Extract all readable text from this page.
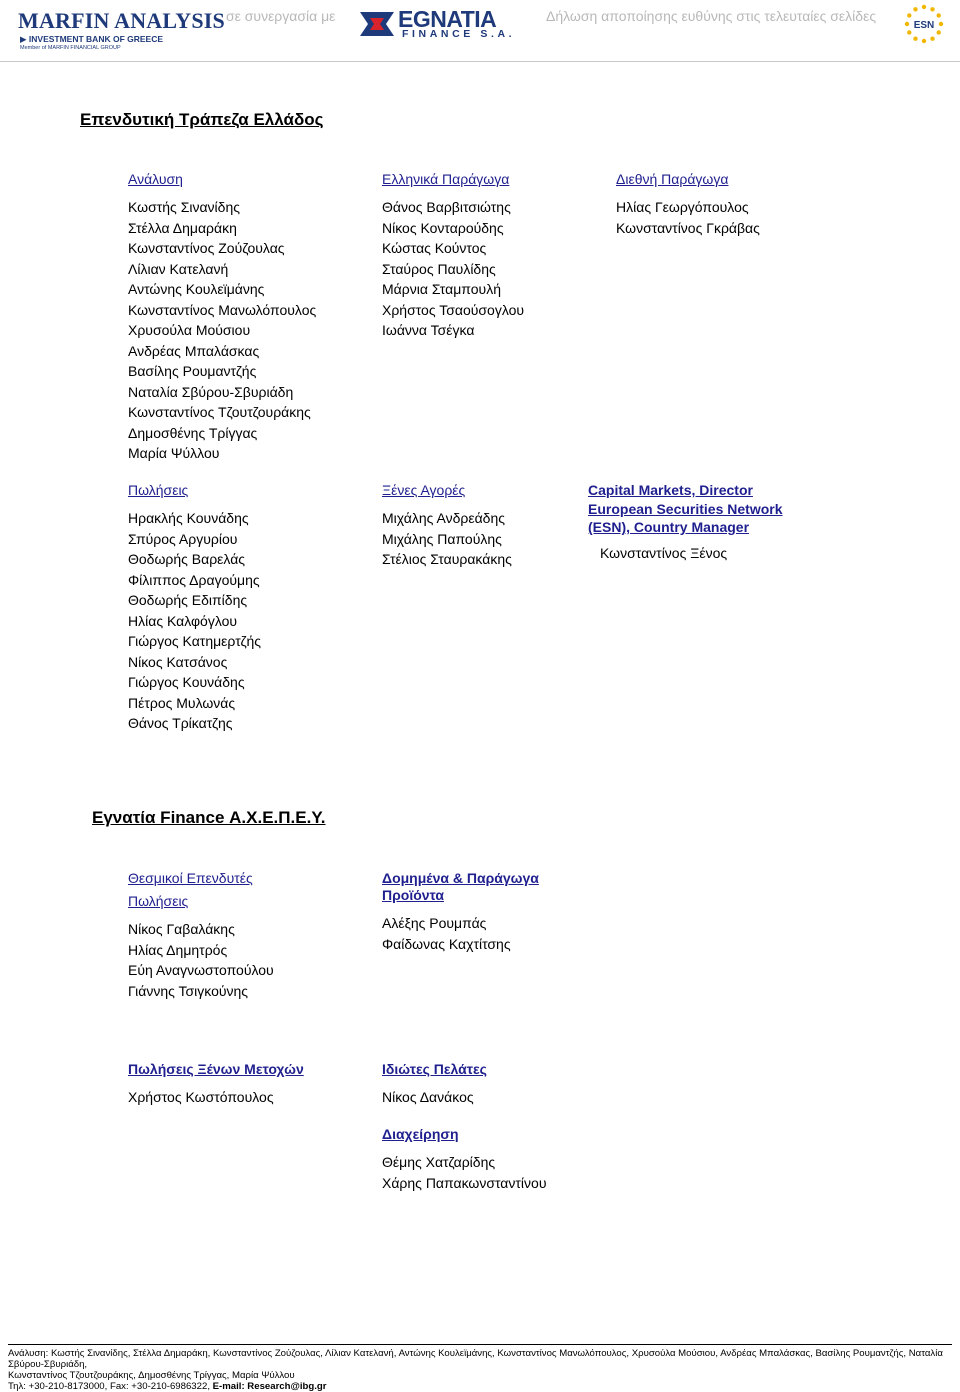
MARFIN ANALYSIS
▶ INVESTMENT BANK OF GREECE
Member of MARFIN FINANCIAL GROUP
σε συνεργασία με	EGNATIA
FINANCE S.A.
Δήλωση αποποίησης ευθύνης στις τελευταίες σελίδες
ESN
Επενδυτική Τράπεζα Ελλάδος
Ανάλυση
Κωστής Σινανίδης
Στέλλα Δημαράκη
Κωνσταντίνος Ζούζουλας
Λίλιαν Κατελανή
Αντώνης Κουλεϊμάνης
Κωνσταντίνος Μανωλόπουλος
Χρυσούλα Μούσιου
Ανδρέας Μπαλάσκας
Βασίλης Ρουμαντζής
Ναταλία Σβύρου-Σβυριάδη
Κωνσταντίνος Τζουτζουράκης
Δημοσθένης Τρίγγας
Μαρία Ψύλλου
Ελληνικά Παράγωγα
Θάνος Βαρβιτσιώτης
Νίκος Κονταρούδης
Κώστας Κούντος
Σταύρος Παυλίδης
Μάρνια Σταμπουλή
Χρήστος Τσαούσογλου
Ιωάννα Τσέγκα
Διεθνή Παράγωγα
Ηλίας Γεωργόπουλος
Κωνσταντίνος Γκράβας
Πωλήσεις
Ηρακλής Κουνάδης
Σπύρος Αργυρίου
Θοδωρής Βαρελάς
Φίλιππος Δραγούμης
Θοδωρής Εδιπίδης
Ηλίας Καλφόγλου
Γιώργος Κατημερτζής
Νίκος Κατσάνος
Γιώργος Κουνάδης
Πέτρος Μυλωνάς
Θάνος Τρίκατζης
Ξένες Αγορές
Μιχάλης Ανδρεάδης
Μιχάλης Παπούλης
Στέλιος Σταυρακάκης
Capital Markets, Director
European Securities Network
(ESN), Country Manager
Κωνσταντίνος Ξένος
Εγνατία Finance Α.Χ.Ε.Π.Ε.Υ.
Θεσμικοί Επενδυτές
Πωλήσεις
Νίκος Γαβαλάκης
Ηλίας Δημητρός
Εύη Αναγνωστοπούλου
Γιάννης Τσιγκούνης
Δομημένα & Παράγωγα
Προϊόντα
Αλέξης Ρουμπάς
Φαίδωνας Καχτίτσης
Πωλήσεις Ξένων Μετοχών
Χρήστος Κωστόπουλος
Ιδιώτες Πελάτες
Νίκος Δανάκος
Διαχείρηση
Θέμης Χατζαρίδης
Χάρης Παπακωνσταντίνου
Ανάλυση: Κωστής Σινανίδης, Στέλλα Δημαράκη, Κωνσταντίνος Ζούζουλας, Λίλιαν Κατελανή, Αντώνης Κουλεϊμάνης, Κωνσταντίνος Μανωλόπουλος, Χρυσούλα Μούσιου, Ανδρέας Μπαλάσκας, Βασίλης Ρουμαντζής, Ναταλία Σβύρου-Σβυριάδη,
Κωνσταντίνος Τζουτζουράκης, Δημοσθένης Τρίγγας, Μαρία Ψύλλου
Τηλ: +30-210-8173000, Fax: +30-210-6986322, E-mail: Research@ibg.gr
